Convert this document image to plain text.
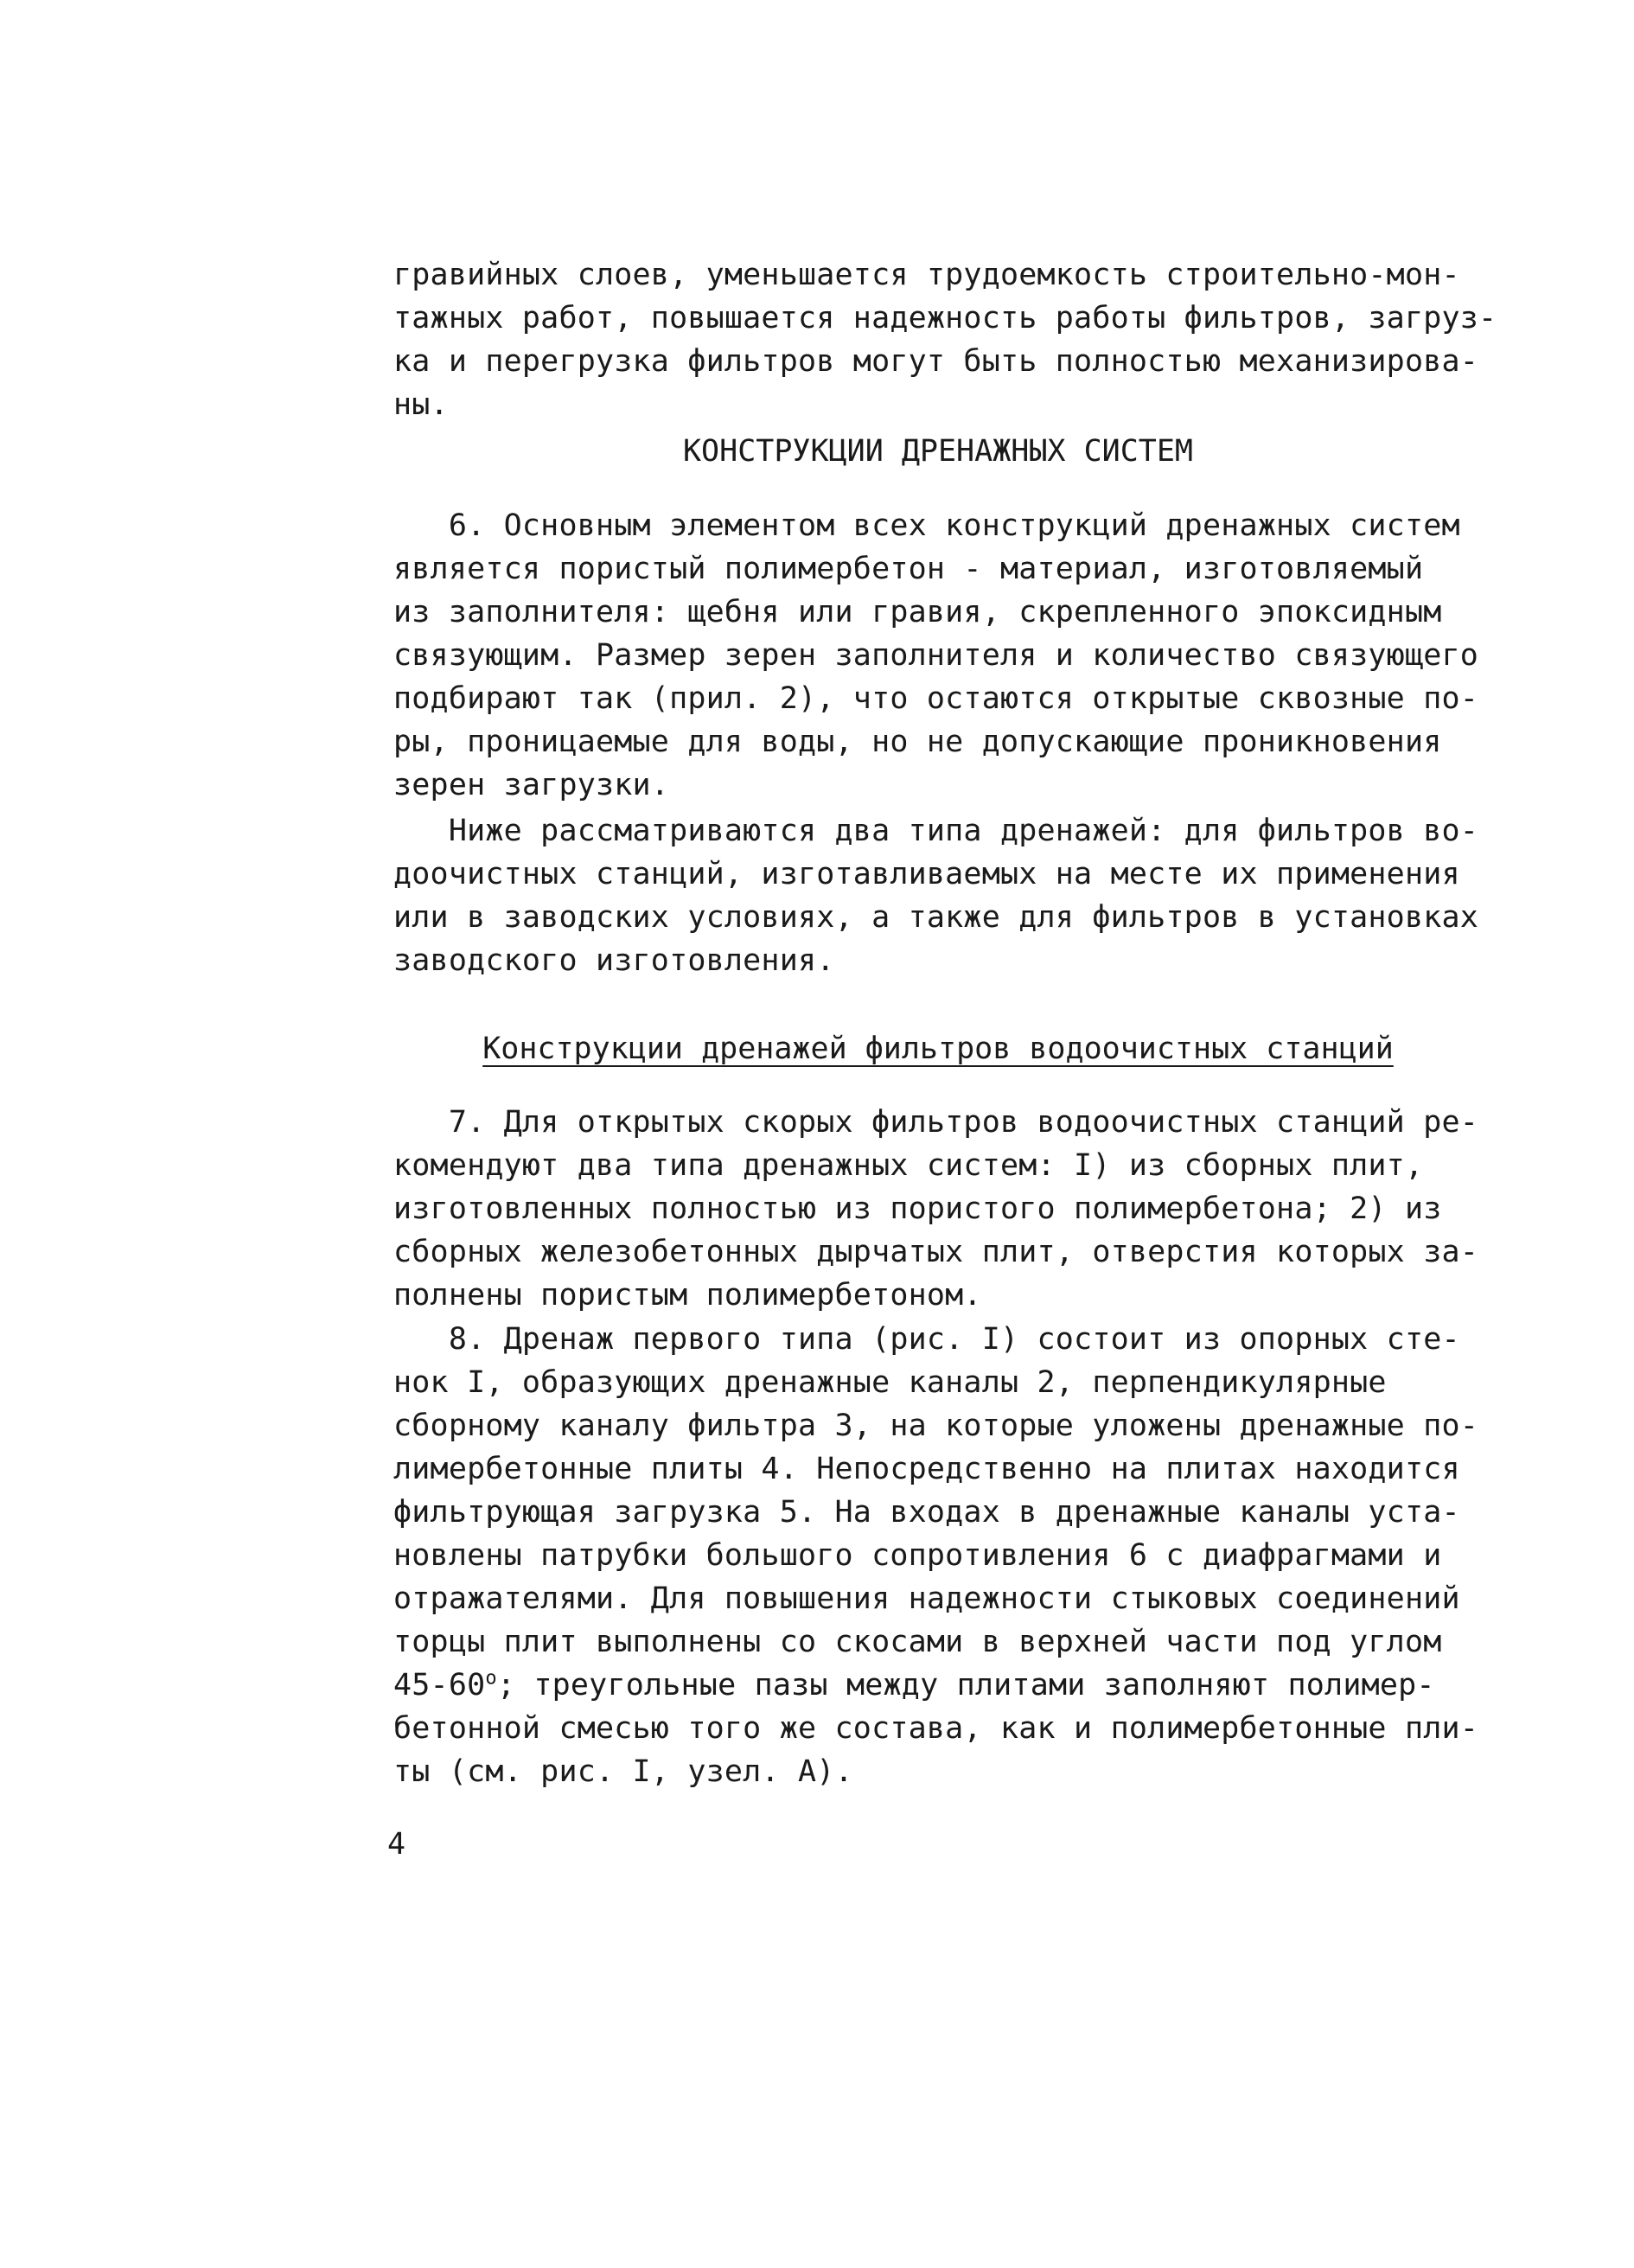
гравийных слоев, уменьшается трудоемкость строительно-мон-
тажных работ, повышается надежность работы фильтров, загруз-
ка и перегрузка фильтров могут быть полностью механизирова-
ны.
КОНСТРУКЦИИ ДРЕНАЖНЫХ СИСТЕМ
6. Основным элементом всех конструкций дренажных систем
является пористый полимербетон - материал, изготовляемый
из заполнителя: щебня или гравия, скрепленного эпоксидным
связующим. Размер зерен заполнителя и количество связующего
подбирают так (прил. 2), что остаются открытые сквозные по-
ры, проницаемые для воды, но не допускающие проникновения
зерен загрузки.
Ниже рассматриваются два типа дренажей: для фильтров во-
доочистных станций, изготавливаемых на месте их применения
или в заводских условиях, а также для фильтров в установках
заводского изготовления.
Конструкции дренажей фильтров водоочистных станций
7. Для открытых скорых фильтров водоочистных станций ре-
комендуют два типа дренажных систем: I) из сборных плит,
изготовленных полностью из пористого полимербетона; 2) из
сборных железобетонных дырчатых плит, отверстия которых за-
полнены пористым полимербетоном.
8. Дренаж первого типа (рис. I) состоит из опорных сте-
нок I, образующих дренажные каналы 2, перпендикулярные
сборному каналу фильтра 3, на которые уложены дренажные по-
лимербетонные плиты 4. Непосредственно на плитах находится
фильтрующая загрузка 5. На входах в дренажные каналы уста-
новлены патрубки большого сопротивления 6 с диафрагмами и
отражателями. Для повышения надежности стыковых соединений
торцы плит выполнены со скосами в верхней части под углом
45-60$^o$; треугольные пазы между плитами заполняют полимер-
бетонной смесью того же состава, как и полимербетонные пли-
ты (см. рис. I, узел. А).
4
